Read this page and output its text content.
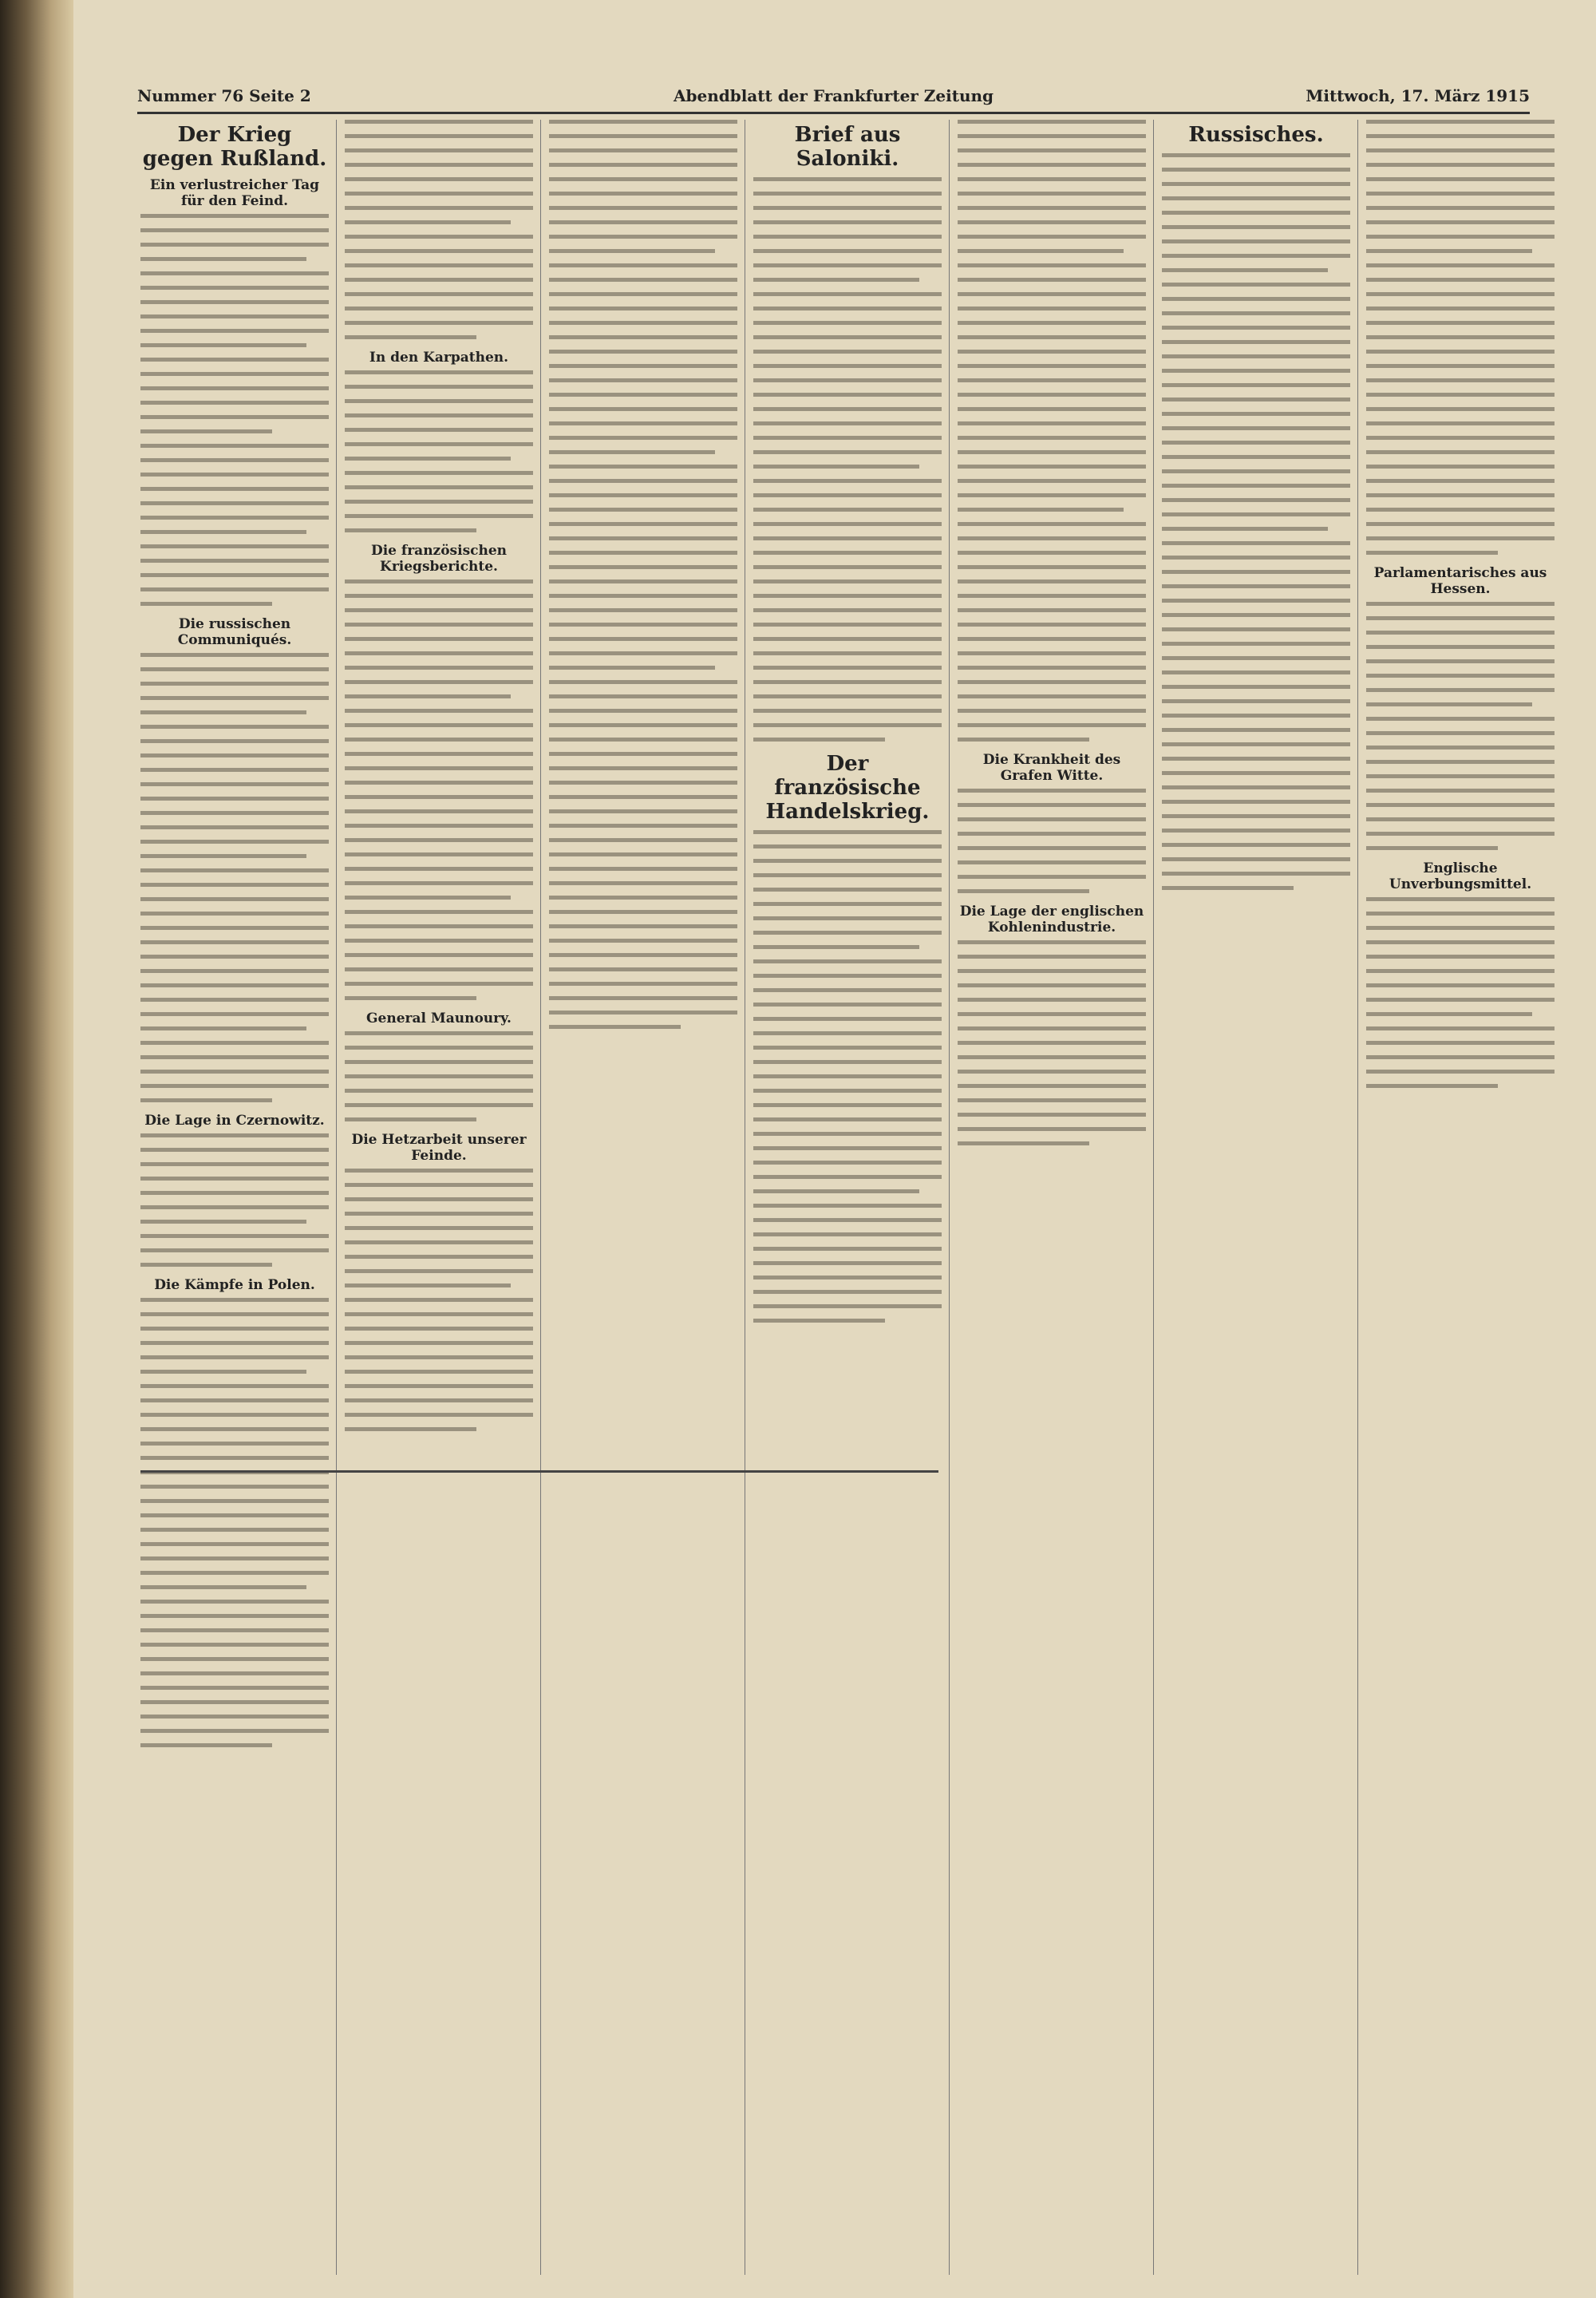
Nummer 76 Seite 2	Abendblatt der Frankfurter Zeitung	Mittwoch, 17. März 1915
Der Krieg gegen Rußland.
Ein verlustreicher Tag für den Feind.
Die russischen Communiqués.
Die Lage in Czernowitz.
Die Kämpfe in Polen.
In den Karpathen.
Die französischen Kriegsberichte.
General Maunoury.
Die Hetzarbeit unserer Feinde.
Brief aus Saloniki.
Der französische Handelskrieg.
Die Krankheit des Grafen Witte.
Die Lage der englischen Kohlenindustrie.
Russisches.
Parlamentarisches aus Hessen.
Englische Unverbungsmittel.
